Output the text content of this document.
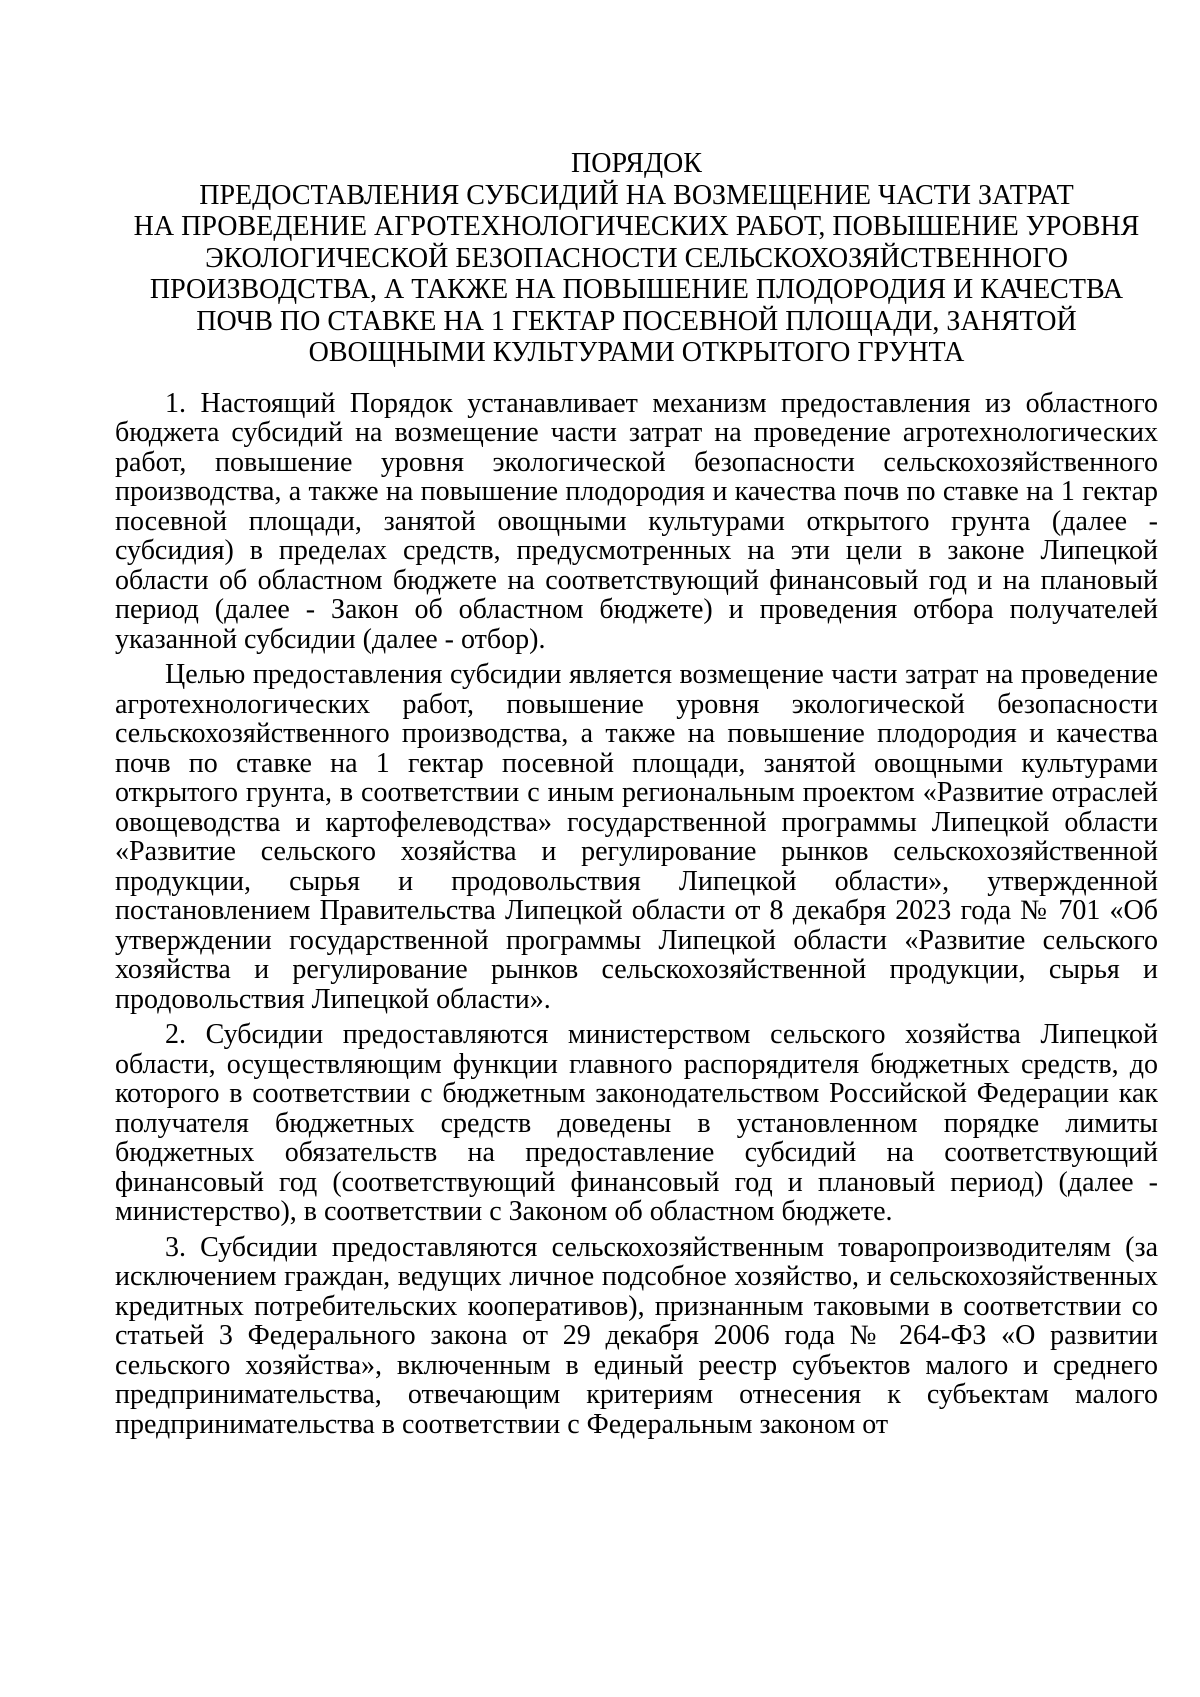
ПОРЯДОК
ПРЕДОСТАВЛЕНИЯ СУБСИДИЙ НА ВОЗМЕЩЕНИЕ ЧАСТИ ЗАТРАТ
НА ПРОВЕДЕНИЕ АГРОТЕХНОЛОГИЧЕСКИХ РАБОТ, ПОВЫШЕНИЕ УРОВНЯ
ЭКОЛОГИЧЕСКОЙ БЕЗОПАСНОСТИ СЕЛЬСКОХОЗЯЙСТВЕННОГО
ПРОИЗВОДСТВА, А ТАКЖЕ НА ПОВЫШЕНИЕ ПЛОДОРОДИЯ И КАЧЕСТВА
ПОЧВ ПО СТАВКЕ НА 1 ГЕКТАР ПОСЕВНОЙ ПЛОЩАДИ, ЗАНЯТОЙ
ОВОЩНЫМИ КУЛЬТУРАМИ ОТКРЫТОГО ГРУНТА

1. Настоящий Порядок устанавливает механизм предоставления из областного бюджета субсидий на возмещение части затрат на проведение агротехнологических работ, повышение уровня экологической безопасности сельскохозяйственного производства, а также на повышение плодородия и качества почв по ставке на 1 гектар посевной площади, занятой овощными культурами открытого грунта (далее - субсидия) в пределах средств, предусмотренных на эти цели в законе Липецкой области об областном бюджете на соответствующий финансовый год и на плановый период (далее - Закон об областном бюджете) и проведения отбора получателей указанной субсидии (далее - отбор).

Целью предоставления субсидии является возмещение части затрат на проведение агротехнологических работ, повышение уровня экологической безопасности сельскохозяйственного производства, а также на повышение плодородия и качества почв по ставке на 1 гектар посевной площади, занятой овощными культурами открытого грунта, в соответствии с иным региональным проектом «Развитие отраслей овощеводства и картофелеводства» государственной программы Липецкой области «Развитие сельского хозяйства и регулирование рынков сельскохозяйственной продукции, сырья и продовольствия Липецкой области», утвержденной постановлением Правительства Липецкой области от 8 декабря 2023 года № 701 «Об утверждении государственной программы Липецкой области «Развитие сельского хозяйства и регулирование рынков сельскохозяйственной продукции, сырья и продовольствия Липецкой области».

2. Субсидии предоставляются министерством сельского хозяйства Липецкой области, осуществляющим функции главного распорядителя бюджетных средств, до которого в соответствии с бюджетным законодательством Российской Федерации как получателя бюджетных средств доведены в установленном порядке лимиты бюджетных обязательств на предоставление субсидий на соответствующий финансовый год (соответствующий финансовый год и плановый период) (далее - министерство), в соответствии с Законом об областном бюджете.

3. Субсидии предоставляются сельскохозяйственным товаропроизводителям (за исключением граждан, ведущих личное подсобное хозяйство, и сельскохозяйственных кредитных потребительских кооперативов), признанным таковыми в соответствии со статьей 3 Федерального закона от 29 декабря 2006 года № 264-ФЗ «О развитии сельского хозяйства», включенным в единый реестр субъектов малого и среднего предпринимательства, отвечающим критериям отнесения к субъектам малого предпринимательства в соответствии с Федеральным законом от
